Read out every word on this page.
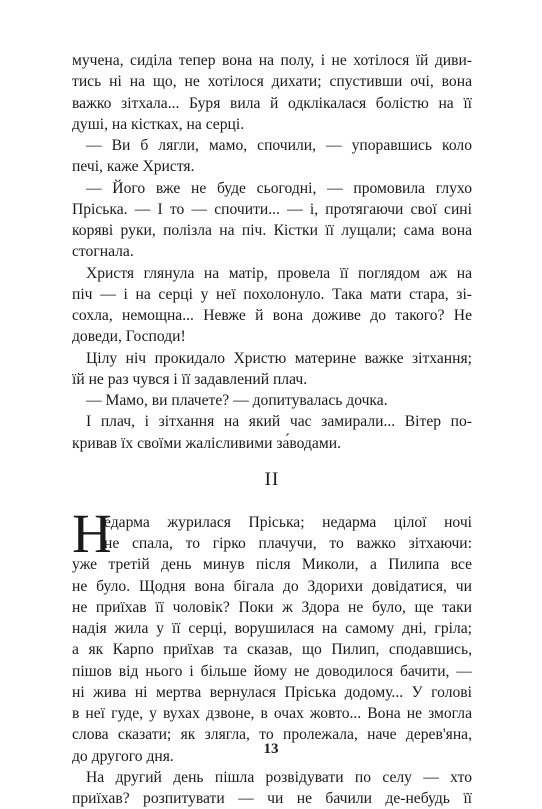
мучена, сиділа тепер вона на полу, і не хотілося їй диви-
тись ні на що, не хотілося дихати; спустивши очі, вона
важко зітхала... Буря вила й одклікалася болістю на її
душі, на кістках, на серці.
— Ви б лягли, мамо, спочили, — упоравшись коло
печі, каже Христя.
— Його вже не буде сьогодні, — промовила глухо
Пріська. — І то — спочити... — і, протягаючи свої сині
коряві руки, полізла на піч. Кістки її лущали; сама вона
стогнала.
Христя глянула на матір, провела її поглядом аж на
піч — і на серці у неї похолонуло. Така мати стара, зі-
сохла, немощна... Невже й вона доживе до такого? Не
доведи, Господи!
Цілу ніч прокидало Христю материне важке зітхання;
їй не раз чувся і її задавлений плач.
— Мамо, ви плачете? — допитувалась дочка.
І плач, і зітхання на який час замирали... Вітер по-
кривав їх своїми жалісливими за́водами.
II
Н
едарма журилася Пріська; недарма цілої ночі
не спала, то гірко плачучи, то важко зітхаючи:
уже третій день минув після Миколи, а Пилипа все
не було. Щодня вона бігала до Здорихи довідатися, чи
не приїхав її чоловік? Поки ж Здора не було, ще таки
надія жила у її серці, ворушилася на самому дні, гріла;
а як Карпо приїхав та сказав, що Пилип, сподавшись,
пішов від нього і більше йому не доводилося бачити, —
ні жива ні мертва вернулася Пріська додому... У голові
в неї гуде, у вухах дзвоне, в очах жовто... Вона не змогла
слова сказати; як злягла, то пролежала, наче дерев'яна,
до другого дня.
На другий день пішла розвідувати по селу — хто
приїхав? розпитувати — чи не бачили де-небудь її
13
